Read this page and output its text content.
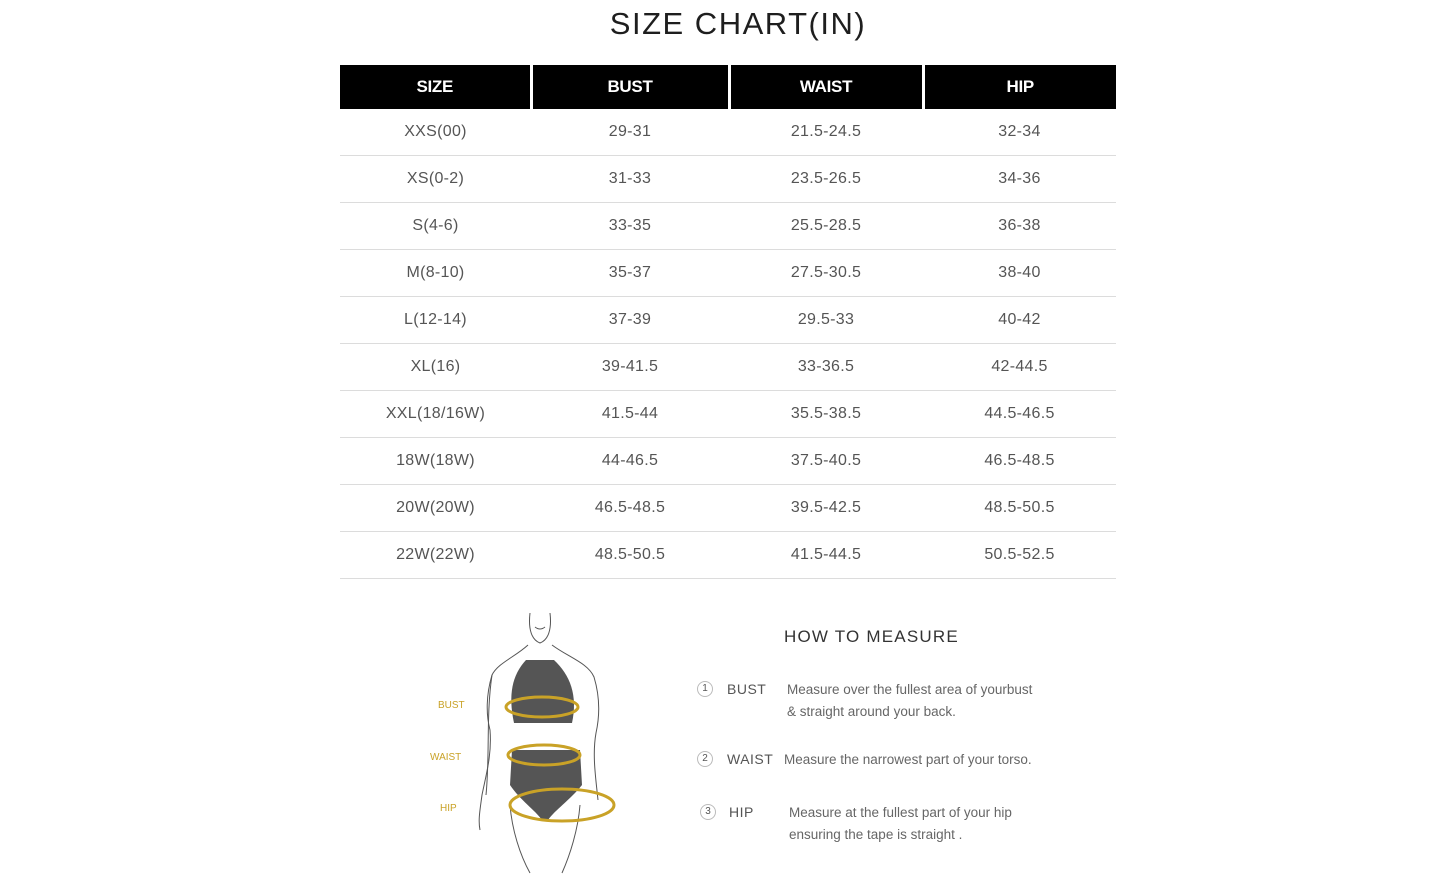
SIZE CHART(IN)
SIZE	BUST	WAIST	HIP
XXS(00)	29-31	21.5-24.5	32-34
XS(0-2)	31-33	23.5-26.5	34-36
S(4-6)	33-35	25.5-28.5	36-38
M(8-10)	35-37	27.5-30.5	38-40
L(12-14)	37-39	29.5-33	40-42
XL(16)	39-41.5	33-36.5	42-44.5
XXL(18/16W)	41.5-44	35.5-38.5	44.5-46.5
18W(18W)	44-46.5	37.5-40.5	46.5-48.5
20W(20W)	46.5-48.5	39.5-42.5	48.5-50.5
22W(22W)	48.5-50.5	41.5-44.5	50.5-52.5
BUST
WAIST
HIP
HOW TO MEASURE
1	BUST Measure over the fullest area of yourbust
& straight around your back.
2	WAIST Measure the narrowest part of your torso.
3	HIP	Measure at the fullest part of your hip
ensuring the tape is straight .
